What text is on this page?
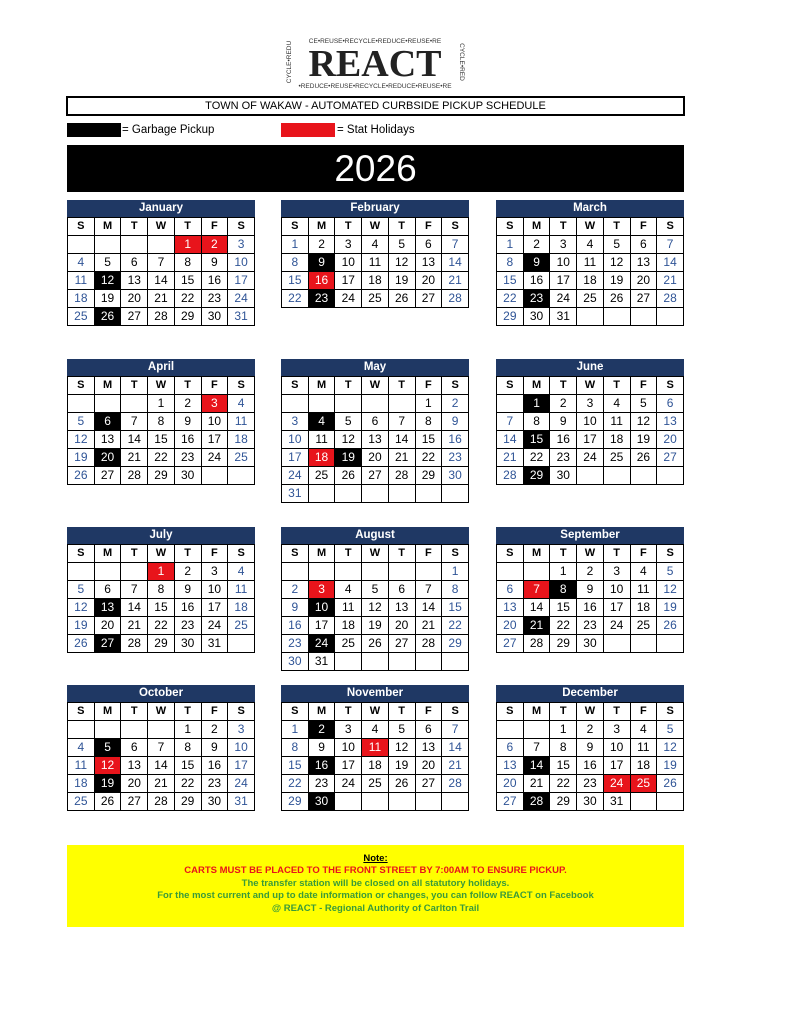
CE•REUSE•RECYCLE•REDUCE•REUSE•RE
•REDUCE•REUSE•RECYCLE•REDUCE•REUSE•RE
CYCLE•REDU	CYCLE•RED
REACT
TOWN OF WAKAW - AUTOMATED CURBSIDE PICKUP SCHEDULE
= Garbage Pickup	= Stat Holidays
2026
January
S	M	T	W	T	F	S
				1	2	3
4	5	6	7	8	9	10
11	12	13	14	15	16	17
18	19	20	21	22	23	24
25	26	27	28	29	30	31
February
S	M	T	W	T	F	S
1	2	3	4	5	6	7
8	9	10	11	12	13	14
15	16	17	18	19	20	21
22	23	24	25	26	27	28
March
S	M	T	W	T	F	S
1	2	3	4	5	6	7
8	9	10	11	12	13	14
15	16	17	18	19	20	21
22	23	24	25	26	27	28
29	30	31				
April
S	M	T	W	T	F	S
			1	2	3	4
5	6	7	8	9	10	11
12	13	14	15	16	17	18
19	20	21	22	23	24	25
26	27	28	29	30		
May
S	M	T	W	T	F	S
					1	2
3	4	5	6	7	8	9
10	11	12	13	14	15	16
17	18	19	20	21	22	23
24	25	26	27	28	29	30
31						
June
S	M	T	W	T	F	S
	1	2	3	4	5	6
7	8	9	10	11	12	13
14	15	16	17	18	19	20
21	22	23	24	25	26	27
28	29	30				
July
S	M	T	W	T	F	S
			1	2	3	4
5	6	7	8	9	10	11
12	13	14	15	16	17	18
19	20	21	22	23	24	25
26	27	28	29	30	31	
August
S	M	T	W	T	F	S
						1
2	3	4	5	6	7	8
9	10	11	12	13	14	15
16	17	18	19	20	21	22
23	24	25	26	27	28	29
30	31					
September
S	M	T	W	T	F	S
		1	2	3	4	5
6	7	8	9	10	11	12
13	14	15	16	17	18	19
20	21	22	23	24	25	26
27	28	29	30			
October
S	M	T	W	T	F	S
				1	2	3
4	5	6	7	8	9	10
11	12	13	14	15	16	17
18	19	20	21	22	23	24
25	26	27	28	29	30	31
November
S	M	T	W	T	F	S
1	2	3	4	5	6	7
8	9	10	11	12	13	14
15	16	17	18	19	20	21
22	23	24	25	26	27	28
29	30					
December
S	M	T	W	T	F	S
		1	2	3	4	5
6	7	8	9	10	11	12
13	14	15	16	17	18	19
20	21	22	23	24	25	26
27	28	29	30	31		
Note:
CARTS MUST BE PLACED TO THE FRONT STREET BY 7:00AM TO ENSURE PICKUP.
The transfer station will be closed on all statutory holidays.
For the most current and up to date information or changes, you can follow REACT on Facebook
@ REACT - Regional Authority of Carlton Trail
